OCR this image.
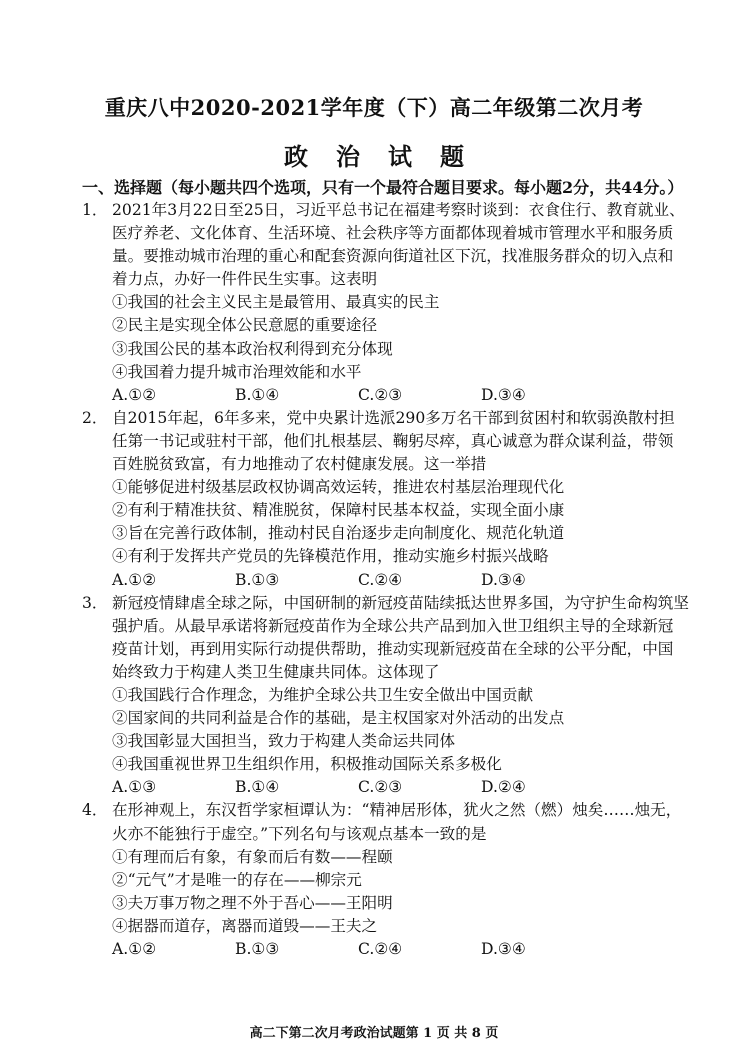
重庆八中2020-2021学年度（下）高二年级第二次月考
政 治 试 题
一、选择题（每小题共四个选项，只有一个最符合题目要求。每小题2分，共44分。）
1． 2021年3月22日至25日，习近平总书记在福建考察时谈到：衣食住行、教育就业、
医疗养老、文化体育、生活环境、社会秩序等方面都体现着城市管理水平和服务质
量。要推动城市治理的重心和配套资源向街道社区下沉，找准服务群众的切入点和
着力点，办好一件件民生实事。这表明
①我国的社会主义民主是最管用、最真实的民主
②民主是实现全体公民意愿的重要途径
③我国公民的基本政治权利得到充分体现
④我国着力提升城市治理效能和水平
A.①②	B.①④	C.②③	D.③④
2． 自2015年起，6年多来，党中央累计选派290多万名干部到贫困村和软弱涣散村担
任第一书记或驻村干部，他们扎根基层、鞠躬尽瘁，真心诚意为群众谋利益，带领
百姓脱贫致富，有力地推动了农村健康发展。这一举措
①能够促进村级基层政权协调高效运转，推进农村基层治理现代化
②有利于精准扶贫、精准脱贫，保障村民基本权益，实现全面小康
③旨在完善行政体制，推动村民自治逐步走向制度化、规范化轨道
④有利于发挥共产党员的先锋模范作用，推动实施乡村振兴战略
A.①②	B.①③	C.②④	D.③④
3． 新冠疫情肆虐全球之际，中国研制的新冠疫苗陆续抵达世界多国，为守护生命构筑坚
强护盾。从最早承诺将新冠疫苗作为全球公共产品到加入世卫组织主导的全球新冠
疫苗计划，再到用实际行动提供帮助，推动实现新冠疫苗在全球的公平分配，中国
始终致力于构建人类卫生健康共同体。这体现了
①我国践行合作理念，为维护全球公共卫生安全做出中国贡献
②国家间的共同利益是合作的基础，是主权国家对外活动的出发点
③我国彰显大国担当，致力于构建人类命运共同体
④我国重视世界卫生组织作用，积极推动国际关系多极化
A.①③	B.①④	C.②③	D.②④
4． 在形神观上，东汉哲学家桓谭认为：“精神居形体，犹火之然（燃）烛矣……烛无，
火亦不能独行于虚空。”下列名句与该观点基本一致的是
①有理而后有象，有象而后有数——程颐
②“元气”才是唯一的存在——柳宗元
③夫万事万物之理不外于吾心——王阳明
④据器而道存，离器而道毁——王夫之
A.①②	B.①③	C.②④	D.③④
高二下第二次月考政治试题第 1 页 共 8 页
